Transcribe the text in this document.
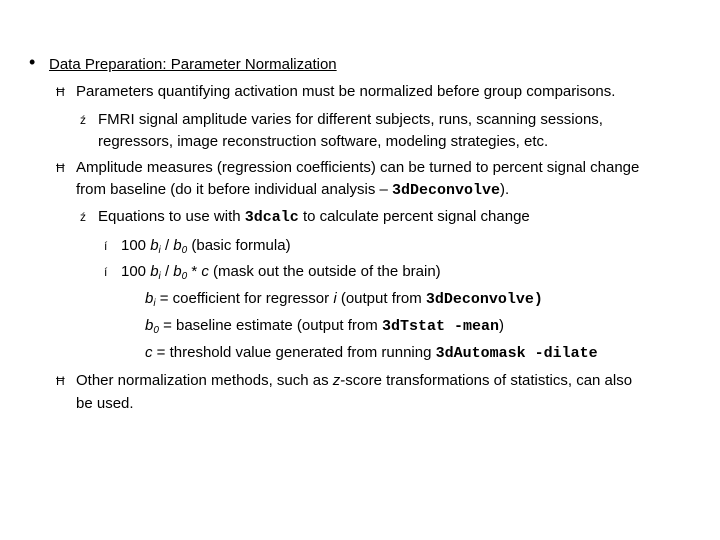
• Data Preparation: Parameter Normalization
Ħ Parameters quantifying activation must be normalized before group comparisons.
ź FMRI signal amplitude varies for different subjects, runs, scanning sessions,
regressors, image reconstruction software, modeling strategies, etc.
Ħ Amplitude measures (regression coefficients) can be turned to percent signal change
from baseline (do it before individual analysis – 3dDeconvolve).
ź Equations to use with 3dcalc to calculate percent signal change
í 100 $b_i / b_0$ (basic formula)
í 100 $b_i / b_0$ * c (mask out the outside of the brain)
$b_i$ = coefficient for regressor i (output from 3dDeconvolve)
$b_0$ = baseline estimate (output from 3dTstat -mean)
c = threshold value generated from running 3dAutomask -dilate
Ħ Other normalization methods, such as z-score transformations of statistics, can also
be used.
